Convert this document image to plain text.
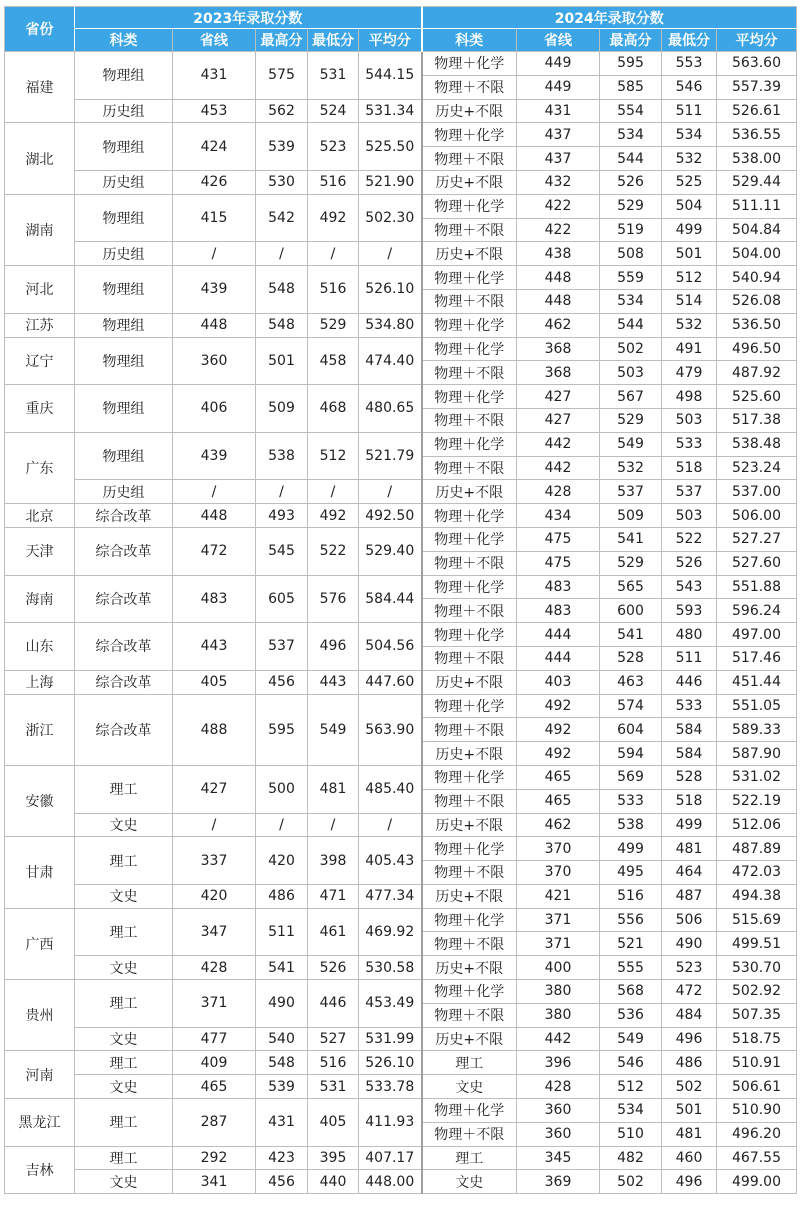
省份	2023年录取分数					2024年录取分数				
	科类	省线	最高分	最低分	平均分	科类	省线	最高分	最低分	平均分
福建	物理组	431	575	531	544.15	物理＋化学	449	595	553	563.60
						物理＋不限	449	585	546	557.39
	历史组	453	562	524	531.34	历史+不限	431	554	511	526.61
湖北	物理组	424	539	523	525.50	物理＋化学	437	534	534	536.55
						物理＋不限	437	544	532	538.00
	历史组	426	530	516	521.90	历史+不限	432	526	525	529.44
湖南	物理组	415	542	492	502.30	物理＋化学	422	529	504	511.11
						物理＋不限	422	519	499	504.84
	历史组	/	/	/	/	历史+不限	438	508	501	504.00
河北	物理组	439	548	516	526.10	物理＋化学	448	559	512	540.94
						物理＋不限	448	534	514	526.08
江苏	物理组	448	548	529	534.80	物理＋化学	462	544	532	536.50
辽宁	物理组	360	501	458	474.40	物理＋化学	368	502	491	496.50
						物理＋不限	368	503	479	487.92
重庆	物理组	406	509	468	480.65	物理＋化学	427	567	498	525.60
						物理＋不限	427	529	503	517.38
广东	物理组	439	538	512	521.79	物理＋化学	442	549	533	538.48
						物理＋不限	442	532	518	523.24
	历史组	/	/	/	/	历史+不限	428	537	537	537.00
北京	综合改革	448	493	492	492.50	物理＋化学	434	509	503	506.00
天津	综合改革	472	545	522	529.40	物理＋化学	475	541	522	527.27
						物理＋不限	475	529	526	527.60
海南	综合改革	483	605	576	584.44	物理＋化学	483	565	543	551.88
						物理＋不限	483	600	593	596.24
山东	综合改革	443	537	496	504.56	物理＋化学	444	541	480	497.00
						物理＋不限	444	528	511	517.46
上海	综合改革	405	456	443	447.60	历史+不限	403	463	446	451.44
浙江	综合改革	488	595	549	563.90	物理＋化学	492	574	533	551.05
						物理＋不限	492	604	584	589.33
						历史+不限	492	594	584	587.90
安徽	理工	427	500	481	485.40	物理＋化学	465	569	528	531.02
						物理＋不限	465	533	518	522.19
	文史	/	/	/	/	历史+不限	462	538	499	512.06
甘肃	理工	337	420	398	405.43	物理＋化学	370	499	481	487.89
						物理＋不限	370	495	464	472.03
	文史	420	486	471	477.34	历史+不限	421	516	487	494.38
广西	理工	347	511	461	469.92	物理＋化学	371	556	506	515.69
						物理＋不限	371	521	490	499.51
	文史	428	541	526	530.58	历史+不限	400	555	523	530.70
贵州	理工	371	490	446	453.49	物理＋化学	380	568	472	502.92
						物理＋不限	380	536	484	507.35
	文史	477	540	527	531.99	历史+不限	442	549	496	518.75
河南	理工	409	548	516	526.10	理工	396	546	486	510.91
	文史	465	539	531	533.78	文史	428	512	502	506.61
黑龙江	理工	287	431	405	411.93	物理＋化学	360	534	501	510.90
						物理＋不限	360	510	481	496.20
吉林	理工	292	423	395	407.17	理工	345	482	460	467.55
	文史	341	456	440	448.00	文史	369	502	496	499.00
